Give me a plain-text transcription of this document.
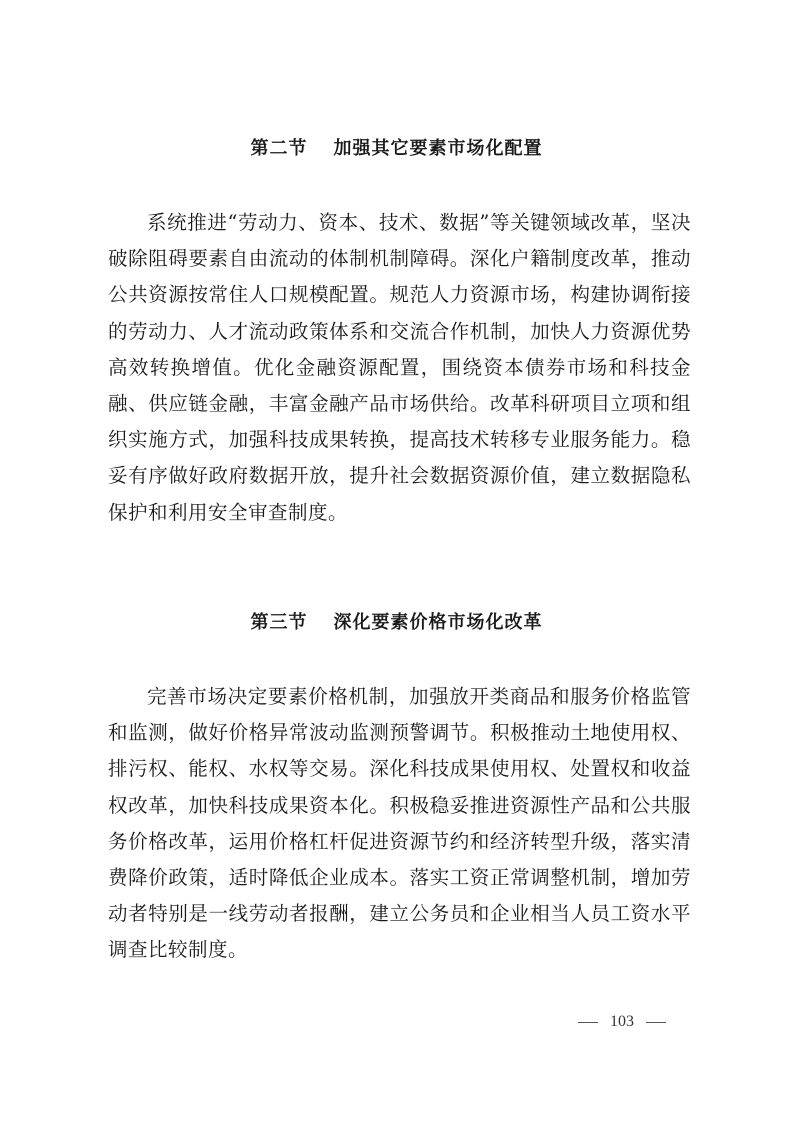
第二节 加强其它要素市场化配置

系统推进“劳动力、资本、技术、数据”等关键领域改革，坚决破除阻碍要素自由流动的体制机制障碍。深化户籍制度改革，推动公共资源按常住人口规模配置。规范人力资源市场，构建协调衔接的劳动力、人才流动政策体系和交流合作机制，加快人力资源优势高效转换增值。优化金融资源配置，围绕资本债券市场和科技金融、供应链金融，丰富金融产品市场供给。改革科研项目立项和组织实施方式，加强科技成果转换，提高技术转移专业服务能力。稳妥有序做好政府数据开放，提升社会数据资源价值，建立数据隐私保护和利用安全审查制度。

第三节 深化要素价格市场化改革

完善市场决定要素价格机制，加强放开类商品和服务价格监管和监测，做好价格异常波动监测预警调节。积极推动土地使用权、排污权、能权、水权等交易。深化科技成果使用权、处置权和收益权改革，加快科技成果资本化。积极稳妥推进资源性产品和公共服务价格改革，运用价格杠杆促进资源节约和经济转型升级，落实清费降价政策，适时降低企业成本。落实工资正常调整机制，增加劳动者特别是一线劳动者报酬，建立公务员和企业相当人员工资水平调查比较制度。

103
